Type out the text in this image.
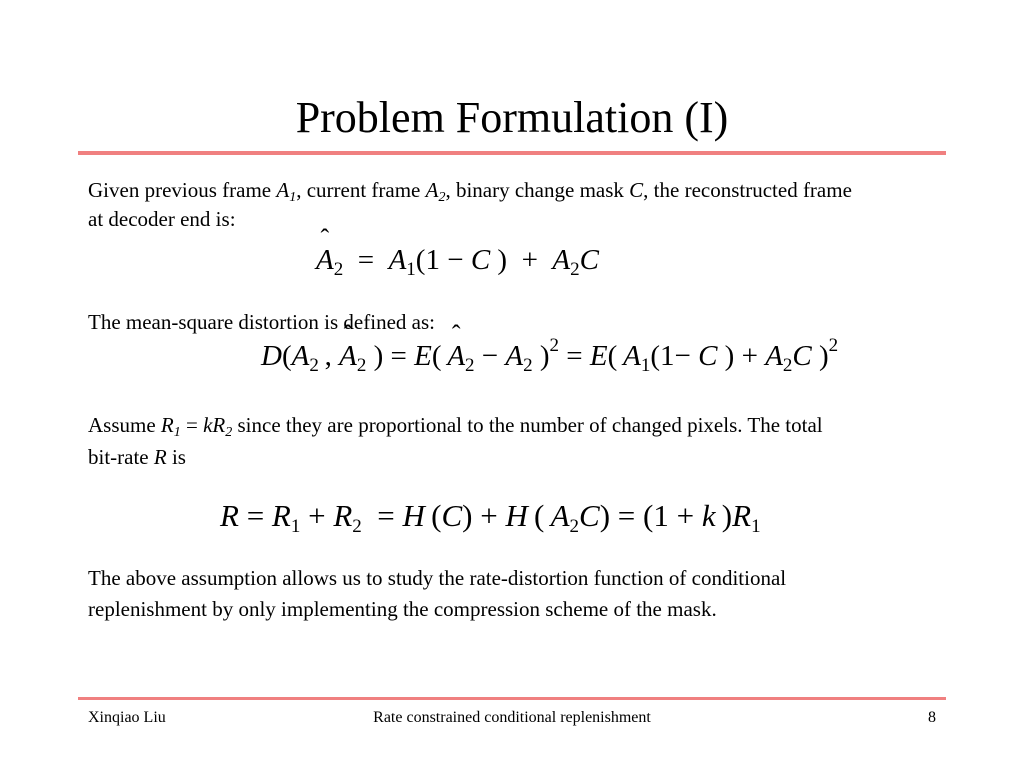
Problem Formulation (I)
Given previous frame $A_1$, current frame $A_2$, binary change mask C, the reconstructed frame at decoder end is:
ˆ $A_2 = A_1(1 - C$ )  +  $A_2C$
The mean-square distortion is defined as:
$D(A_2$ , ˆ $A_2$ ) = E( ˆ $A_2 - A_2$ )$^2$ = E( $A_1(1- C$ ) + $A_2C$ )$^2$
Assume $R_1 = kR_2$ since they are proportional to the number of changed pixels. The total bit-rate R is
$R = R_1 + R_2 = H$ (C) + H ( $A_2C) = (1 + k$ )$R_1$
The above assumption allows us to study the rate-distortion function of conditional replenishment by only implementing the compression scheme of the mask.
Rate constrained conditional replenishment
Xinqiao Liu	8
